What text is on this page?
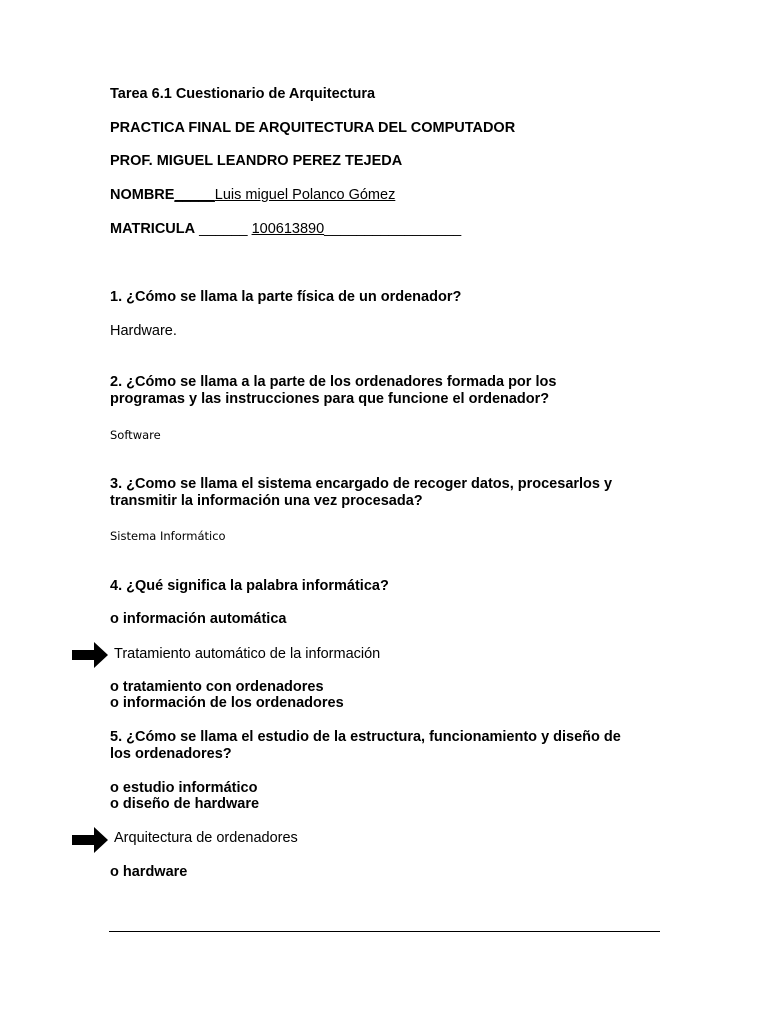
Tarea 6.1 Cuestionario de Arquitectura
PRACTICA FINAL DE ARQUITECTURA DEL COMPUTADOR
PROF. MIGUEL LEANDRO PEREZ TEJEDA
NOMBRE_____Luis miguel Polanco Gómez
MATRICULA ______ 100613890_________________
1. ¿Cómo se llama la parte física de un ordenador?
Hardware.
2. ¿Cómo se llama a la parte de los ordenadores formada por los
programas y las instrucciones para que funcione el ordenador?
Software
3. ¿Como se llama el sistema encargado de recoger datos, procesarlos y
transmitir la información una vez procesada?
Sistema Informático
4. ¿Qué significa la palabra informática?
o información automática
Tratamiento automático de la información
o tratamiento con ordenadores
o información de los ordenadores
5. ¿Cómo se llama el estudio de la estructura, funcionamiento y diseño de
los ordenadores?
o estudio informático
o diseño de hardware
Arquitectura de ordenadores
o hardware
